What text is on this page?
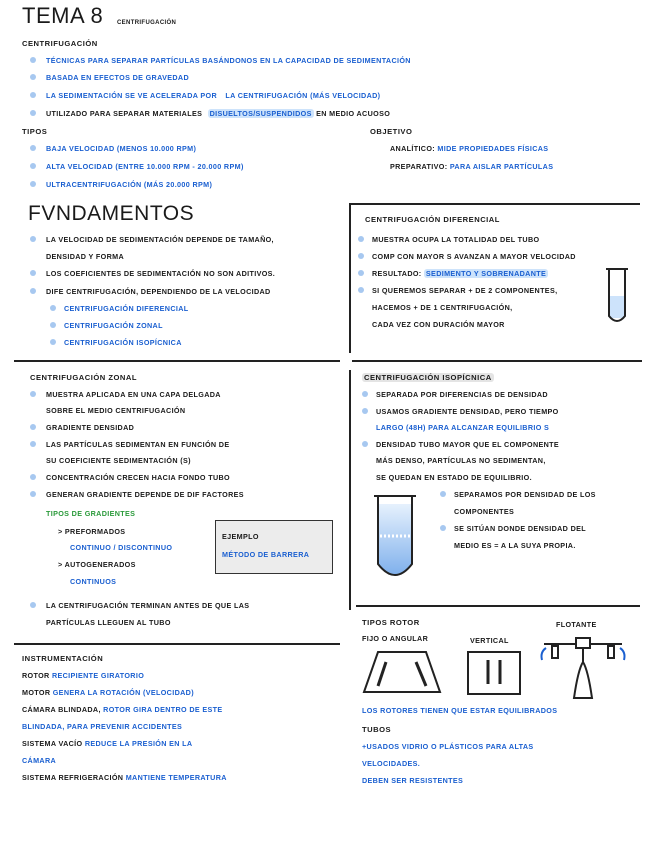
TEMA 8 CENTRIFUGACIÓN
CENTRIFUGACIÓN
TÉCNICAS PARA SEPARAR PARTÍCULAS BASÁNDONOS EN LA CAPACIDAD DE SEDIMENTACIÓN
BASADA EN EFECTOS DE GRAVEDAD
LA SEDIMENTACIÓN SE VE ACELERADA POR LA CENTRIFUGACIÓN (MÁS VELOCIDAD)
UTILIZADO PARA SEPARAR MATERIALES DISUELTOS/SUSPENDIDOS EN MEDIO ACUOSO
TIPOS
BAJA VELOCIDAD (MENOS 10.000 RPM)
ALTA VELOCIDAD (ENTRE 10.000 RPM - 20.000 RPM)
ULTRACENTRIFUGACIÓN (MÁS 20.000 RPM)
OBJETIVO
ANALÍTICO: MIDE PROPIEDADES FÍSICAS
PREPARATIVO: PARA AISLAR PARTÍCULAS
FVNDAMENTOS
LA VELOCIDAD DE SEDIMENTACIÓN DEPENDE DE TAMAÑO,
DENSIDAD Y FORMA
LOS COEFICIENTES DE SEDIMENTACIÓN NO SON ADITIVOS.
DIFE CENTRIFUGACIÓN, DEPENDIENDO DE LA VELOCIDAD
CENTRIFUGACIÓN DIFERENCIAL
CENTRIFUGACIÓN ZONAL
CENTRIFUGACIÓN ISOPÍCNICA
CENTRIFUGACIÓN DIFERENCIAL
MUESTRA OCUPA LA TOTALIDAD DEL TUBO
COMP CON MAYOR S AVANZAN A MAYOR VELOCIDAD
RESULTADO: SEDIMENTO Y SOBRENADANTE
SI QUEREMOS SEPARAR + DE 2 COMPONENTES,
HACEMOS + DE 1 CENTRIFUGACIÓN,
CADA VEZ CON DURACIÓN MAYOR
CENTRIFUGACIÓN ZONAL
MUESTRA APLICADA EN UNA CAPA DELGADA
SOBRE EL MEDIO CENTRIFUGACIÓN
GRADIENTE DENSIDAD
LAS PARTÍCULAS SEDIMENTAN EN FUNCIÓN DE
SU COEFICIENTE SEDIMENTACIÓN (S)
CONCENTRACIÓN CRECEN HACIA FONDO TUBO
GENERAN GRADIENTE DEPENDE DE DIF FACTORES
TIPOS DE GRADIENTES
> PREFORMADOS
CONTINUO / DISCONTINUO
> AUTOGENERADOS
CONTINUOS
EJEMPLO
MÉTODO DE BARRERA
LA CENTRIFUGACIÓN TERMINAN ANTES DE QUE LAS
PARTÍCULAS LLEGUEN AL TUBO
CENTRIFUGACIÓN ISOPÍCNICA
SEPARADA POR DIFERENCIAS DE DENSIDAD
USAMOS GRADIENTE DENSIDAD, PERO TIEMPO
LARGO (48H) PARA ALCANZAR EQUILIBRIO S
DENSIDAD TUBO MAYOR QUE EL COMPONENTE
MÁS DENSO, PARTÍCULAS NO SEDIMENTAN,
SE QUEDAN EN ESTADO DE EQUILIBRIO.
SEPARAMOS POR DENSIDAD DE LOS
COMPONENTES
SE SITÚAN DONDE DENSIDAD DEL
MEDIO ES = A LA SUYA PROPIA.
INSTRUMENTACIÓN
ROTOR RECIPIENTE GIRATORIO
MOTOR GENERA LA ROTACIÓN (VELOCIDAD)
CÁMARA BLINDADA, ROTOR GIRA DENTRO DE ESTE
BLINDADA, PARA PREVENIR ACCIDENTES
SISTEMA VACÍO REDUCE LA PRESIÓN EN LA
CÁMARA
SISTEMA REFRIGERACIÓN MANTIENE TEMPERATURA
TIPOS ROTOR
FIJO O ANGULAR	VERTICAL
FLOTANTE
LOS ROTORES TIENEN QUE ESTAR EQUILIBRADOS
TUBOS
+USADOS VIDRIO O PLÁSTICOS PARA ALTAS
VELOCIDADES.
DEBEN SER RESISTENTES
